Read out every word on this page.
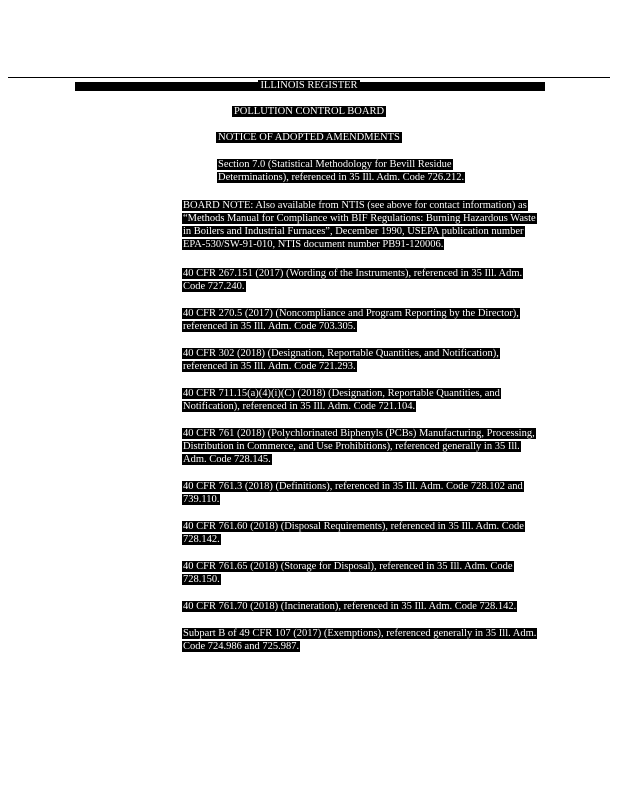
ILLINOIS REGISTER
POLLUTION CONTROL BOARD
NOTICE OF ADOPTED AMENDMENTS
Section 7.0 (Statistical Methodology for Bevill Residue Determinations), referenced in 35 Ill. Adm. Code 726.212.
BOARD NOTE: Also available from NTIS (see above for contact information) as “Methods Manual for Compliance with BIF Regulations: Burning Hazardous Waste in Boilers and Industrial Furnaces”, December 1990, USEPA publication number EPA-530/SW-91-010, NTIS document number PB91-120006.
40 CFR 267.151 (2017) (Wording of the Instruments), referenced in 35 Ill. Adm. Code 727.240.
40 CFR 270.5 (2017) (Noncompliance and Program Reporting by the Director), referenced in 35 Ill. Adm. Code 703.305.
40 CFR 302 (2018) (Designation, Reportable Quantities, and Notification), referenced in 35 Ill. Adm. Code 721.293.
40 CFR 711.15(a)(4)(i)(C) (2018) (Designation, Reportable Quantities, and Notification), referenced in 35 Ill. Adm. Code 721.104.
40 CFR 761 (2018) (Polychlorinated Biphenyls (PCBs) Manufacturing, Processing, Distribution in Commerce, and Use Prohibitions), referenced generally in 35 Ill. Adm. Code 728.145.
40 CFR 761.3 (2018) (Definitions), referenced in 35 Ill. Adm. Code 728.102 and 739.110.
40 CFR 761.60 (2018) (Disposal Requirements), referenced in 35 Ill. Adm. Code 728.142.
40 CFR 761.65 (2018) (Storage for Disposal), referenced in 35 Ill. Adm. Code 728.150.
40 CFR 761.70 (2018) (Incineration), referenced in 35 Ill. Adm. Code 728.142.
Subpart B of 49 CFR 107 (2017) (Exemptions), referenced generally in 35 Ill. Adm. Code 724.986 and 725.987.
